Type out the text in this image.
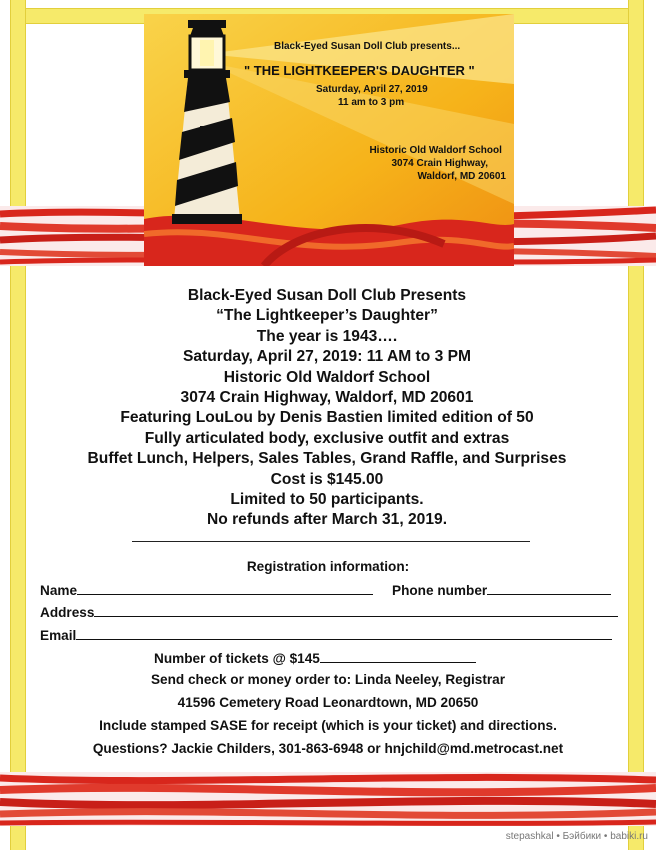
Black-Eyed Susan Doll Club presents...
" THE LIGHTKEEPER'S DAUGHTER "
Saturday, April 27, 2019
11 am to 3 pm
Historic Old Waldorf School
3074 Crain Highway,
Waldorf, MD 20601
Black-Eyed Susan Doll Club Presents
“The Lightkeeper’s Daughter”
The year is 1943….
Saturday, April 27, 2019: 11 AM to 3 PM
Historic Old Waldorf School
3074 Crain Highway, Waldorf, MD 20601
Featuring LouLou by Denis Bastien limited edition of 50
Fully articulated body, exclusive outfit and extras
Buffet Lunch, Helpers, Sales Tables, Grand Raffle, and Surprises
Cost is $145.00
Limited to 50 participants.
No refunds after March 31, 2019.
Registration information:
Name	Phone number
Address
Email
Number of tickets @ $145
Send check or money order to: Linda Neeley, Registrar
41596 Cemetery Road Leonardtown, MD 20650
Include stamped SASE for receipt (which is your ticket) and directions.
Questions? Jackie Childers, 301-863-6948 or hnjchild@md.metrocast.net
stepashkal • Бэйбики • babiki.ru
